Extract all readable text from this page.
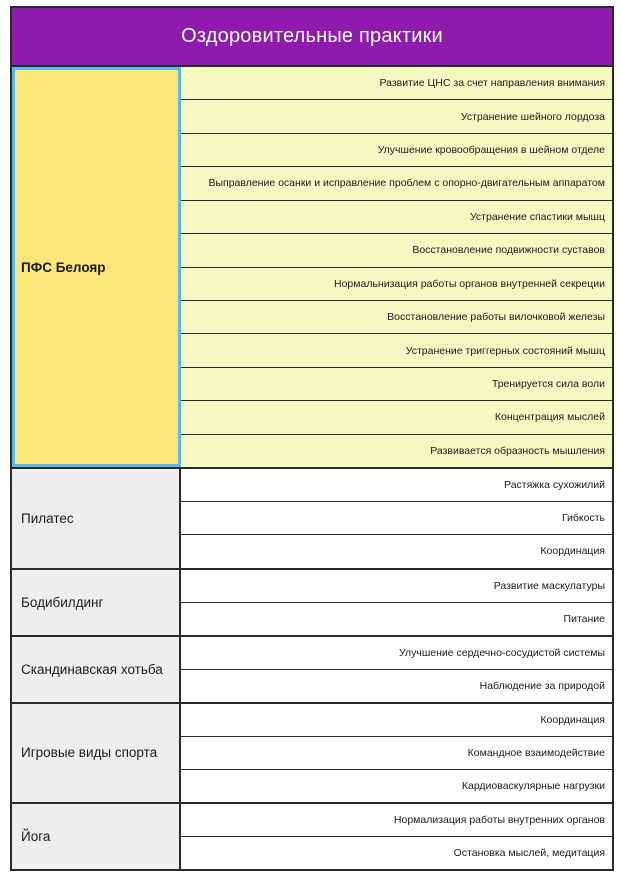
Оздоровительные практики
ПФС Белояр
Развитие ЦНС за счет направления внимания
Устранение шейного лордоза
Улучшение кровообращения в шейном отделе
Выправление осанки и исправление проблем с опорно-двигательным аппаратом
Устранение спастики мышц
Восстановление подвижности суставов
Нормальнизация работы органов внутренней секреции
Восстановление работы вилочковой железы
Устранение триггерных состояний мышц
Тренируется сила воли
Концентрация мыслей
Развивается образность мышления
Пилатес
Растяжка сухожилий
Гибкость
Координация
Бодибилдинг
Развитие маскулатуры
Питание
Скандинавская хотьба
Улучшение сердечно-сосудистой системы
Наблюдение за природой
Игровые виды спорта
Координация
Командное взаимодействие
Кардиоваскулярные нагрузки
Йога
Нормализация работы внутренних органов
Остановка мыслей, медитация
